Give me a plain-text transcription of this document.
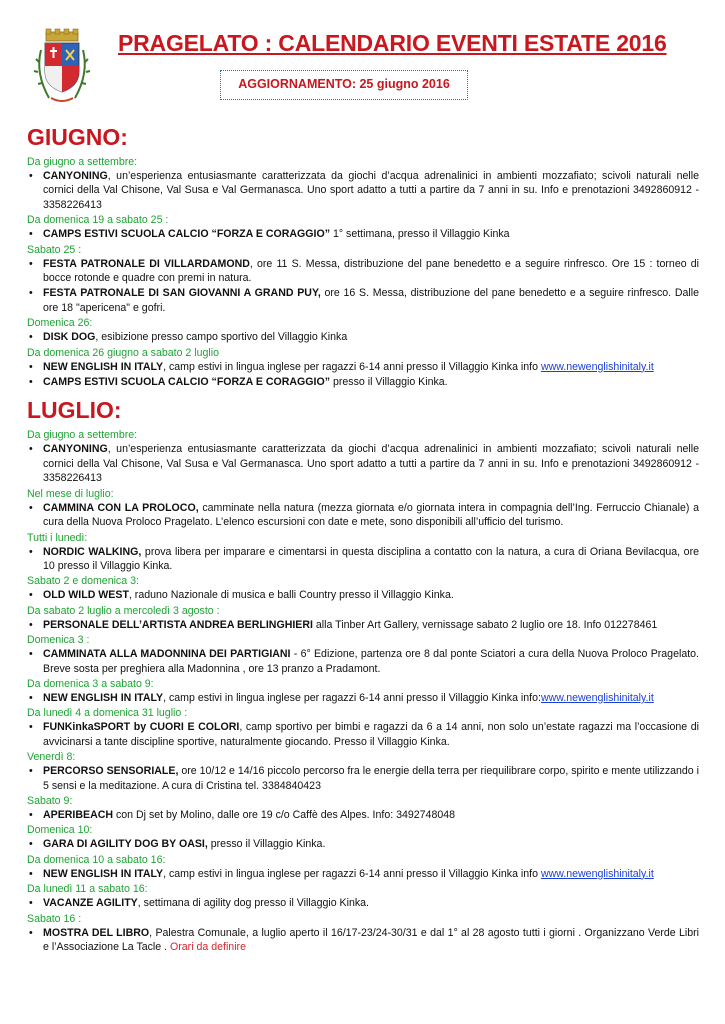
PRAGELATO : CALENDARIO EVENTI ESTATE 2016
AGGIORNAMENTO: 25 giugno 2016
GIUGNO:
Da giugno a settembre:
• CANYONING, un’esperienza entusiasmante caratterizzata da giochi d’acqua adrenalinici in ambienti mozzafiato; scivoli naturali nelle cornici della Val Chisone, Val Susa e Val Germanasca. Uno sport adatto a tutti a partire da 7 anni in su. Info e prenotazioni 3492860912 - 3358226413
Da domenica 19 a sabato 25 :
• CAMPS ESTIVI SCUOLA CALCIO “FORZA E CORAGGIO” 1° settimana, presso il Villaggio Kinka
Sabato 25 :
• FESTA PATRONALE DI VILLARDAMOND, ore 11 S. Messa, distribuzione del pane benedetto e a seguire rinfresco. Ore 15 : torneo di bocce rotonde e quadre con premi in natura.
• FESTA PATRONALE DI SAN GIOVANNI A GRAND PUY, ore 16 S. Messa, distribuzione del pane benedetto e a seguire rinfresco. Dalle ore 18 "apericena" e gofri.
Domenica 26:
• DISK DOG, esibizione presso campo sportivo del Villaggio Kinka
Da domenica 26 giugno a sabato 2 luglio
• NEW ENGLISH IN ITALY, camp estivi in lingua inglese per ragazzi 6-14 anni presso il Villaggio Kinka info www.newenglishinitaly.it
• CAMPS ESTIVI SCUOLA CALCIO “FORZA E CORAGGIO” presso il Villaggio Kinka.
LUGLIO:
Da giugno a settembre:
• CANYONING, un’esperienza entusiasmante caratterizzata da giochi d’acqua adrenalinici in ambienti mozzafiato; scivoli naturali nelle cornici della Val Chisone, Val Susa e Val Germanasca. Uno sport adatto a tutti a partire da 7 anni in su. Info e prenotazioni 3492860912 - 3358226413
Nel mese di luglio:
• CAMMINA CON LA PROLOCO, camminate nella natura (mezza giornata e/o giornata intera in compagnia dell’Ing. Ferruccio Chianale) a cura della Nuova Proloco Pragelato. L’elenco escursioni con date e mete, sono disponibili all’ufficio del turismo.
Tutti i lunedì:
• NORDIC WALKING, prova libera per imparare e cimentarsi in questa disciplina a contatto con la natura, a cura di Oriana Bevilacqua, ore 10 presso il Villaggio Kinka.
Sabato 2 e domenica 3:
• OLD WILD WEST, raduno Nazionale di musica e balli Country presso il Villaggio Kinka.
Da sabato 2 luglio a mercoledì 3 agosto :
• PERSONALE DELL’ARTISTA ANDREA BERLINGHIERI alla Tinber Art Gallery, vernissage sabato 2 luglio ore 18. Info 012278461
Domenica 3 :
• CAMMINATA ALLA MADONNINA DEI PARTIGIANI - 6° Edizione, partenza ore 8 dal ponte Sciatori a cura della Nuova Proloco Pragelato. Breve sosta per preghiera alla Madonnina , ore 13 pranzo a Pradamont.
Da domenica 3 a sabato 9:
• NEW ENGLISH IN ITALY, camp estivi in lingua inglese per ragazzi 6-14 anni presso il Villaggio Kinka info:www.newenglishinitaly.it
Da lunedì 4 a domenica 31 luglio :
• FUNKinkaSPORT by CUORI E COLORI, camp sportivo per bimbi e ragazzi da 6 a 14 anni, non solo un’estate ragazzi ma l’occasione di avvicinarsi a tante discipline sportive, naturalmente giocando. Presso il Villaggio Kinka.
Venerdì 8:
• PERCORSO SENSORIALE, ore 10/12 e 14/16 piccolo percorso fra le energie della terra per riequilibrare corpo, spirito e mente utilizzando i 5 sensi e la meditazione. A cura di Cristina tel. 3384840423
Sabato 9:
• APERIBEACH con Dj set by Molino, dalle ore 19 c/o Caffè des Alpes. Info: 3492748048
Domenica 10:
• GARA DI AGILITY DOG BY OASI, presso il Villaggio Kinka.
Da domenica 10 a sabato 16:
• NEW ENGLISH IN ITALY, camp estivi in lingua inglese per ragazzi 6-14 anni presso il Villaggio Kinka info www.newenglishinitaly.it
Da lunedì 11 a sabato 16:
• VACANZE AGILITY, settimana di agility dog presso il Villaggio Kinka.
Sabato 16 :
• MOSTRA DEL LIBRO, Palestra Comunale, a luglio aperto il 16/17-23/24-30/31 e dal 1° al 28 agosto tutti i giorni . Organizzano Verde Libri e l’Associazione La Tacle . Orari da definire
